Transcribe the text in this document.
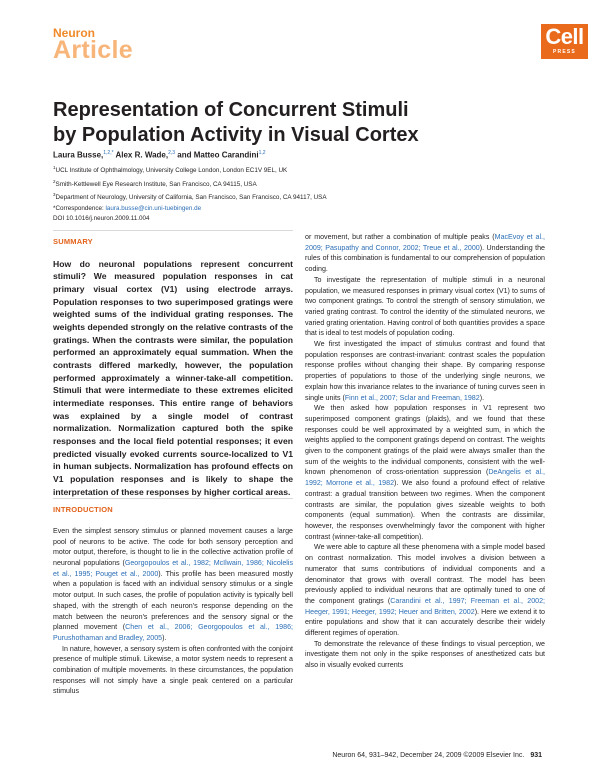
Neuron
Article	Cell
PRESS
Representation of Concurrent Stimuli
by Population Activity in Visual Cortex
Laura Busse,$^{1,2,*}$ Alex R. Wade,$^{2,3}$ and Matteo Carandini$^{1,2}$
$^1$UCL Institute of Ophthalmology, University College London, London EC1V 9EL, UK
$^2$Smith-Kettlewell Eye Research Institute, San Francisco, CA 94115, USA
$^3$Department of Neurology, University of California, San Francisco, San Francisco, CA 94117, USA
*Correspondence: laura.busse@cin.uni-tuebingen.de
DOI 10.1016/j.neuron.2009.11.004
SUMMARY

How do neuronal populations represent concurrent stimuli? We measured population responses in cat primary visual cortex (V1) using electrode arrays. Population responses to two superimposed gratings were weighted sums of the individual grating responses. The weights depended strongly on the relative contrasts of the gratings. When the contrasts were similar, the population performed an approximately equal summation. When the contrasts differed markedly, however, the population performed approximately a winner-take-all competition. Stimuli that were intermediate to these extremes elicited intermediate responses. This entire range of behaviors was explained by a single model of contrast normalization. Normalization captured both the spike responses and the local field potential responses; it even predicted visually evoked currents source-localized to V1 in human subjects. Normalization has profound effects on V1 population responses and is likely to shape the interpretation of these responses by higher cortical areas.

INTRODUCTION

Even the simplest sensory stimulus or planned movement causes a large pool of neurons to be active. The code for both sensory perception and motor output, therefore, is thought to lie in the collective activation profile of neuronal populations (Georgopoulos et al., 1982; McIlwain, 1986; Nicolelis et al., 1995; Pouget et al., 2000). This profile has been measured mostly when a population is faced with an individual sensory stimulus or a single motor output. In such cases, the profile of population activity is typically bell shaped, with the strength of each neuron's response depending on the match between the neuron's preferences and the sensory signal or the planned movement (Chen et al., 2006; Georgopoulos et al., 1986; Purushothaman and Bradley, 2005).

In nature, however, a sensory system is often confronted with the conjoint presence of multiple stimuli. Likewise, a motor system needs to represent a combination of multiple movements. In these circumstances, the population responses will not simply have a single peak centered on a particular stimulus

or movement, but rather a combination of multiple peaks (MacEvoy et al., 2009; Pasupathy and Connor, 2002; Treue et al., 2000). Understanding the rules of this combination is fundamental to our comprehension of population coding.

To investigate the representation of multiple stimuli in a neuronal population, we measured responses in primary visual cortex (V1) to sums of two component gratings. To control the strength of sensory stimulation, we varied grating contrast. To control the identity of the stimulated neurons, we varied grating orientation. Having control of both quantities provides a space that is ideal to test models of population coding.

We first investigated the impact of stimulus contrast and found that population responses are contrast-invariant: contrast scales the population response profiles without changing their shape. By comparing response properties of populations to those of the underlying single neurons, we explain how this invariance relates to the invariance of tuning curves seen in single units (Finn et al., 2007; Sclar and Freeman, 1982).

We then asked how population responses in V1 represent two superimposed component gratings (plaids), and we found that these responses could be well approximated by a weighted sum, in which the weights applied to the component gratings depend on contrast. The weights given to the component gratings of the plaid were always smaller than the sum of the weights to the individual components, consistent with the well-known phenomenon of cross-orientation suppression (DeAngelis et al., 1992; Morrone et al., 1982). We also found a profound effect of relative contrast: a gradual transition between two regimes. When the component contrasts are similar, the population gives sizeable weights to both components (equal summation). When the contrasts are dissimilar, however, the responses overwhelmingly favor the component with higher contrast (winner-take-all competition).

We were able to capture all these phenomena with a simple model based on contrast normalization. This model involves a division between a numerator that sums contributions of individual components and a denominator that grows with overall contrast. The model has been previously applied to individual neurons that are optimally tuned to one of the component gratings (Carandini et al., 1997; Freeman et al., 2002; Heeger, 1991; Heeger, 1992; Heuer and Britten, 2002). Here we extend it to entire populations and show that it can accurately describe their widely different regimes of operation.

To demonstrate the relevance of these findings to visual perception, we investigate them not only in the spike responses of anesthetized cats but also in visually evoked currents

Neuron 64, 931–942, December 24, 2009 ©2009 Elsevier Inc. 931
